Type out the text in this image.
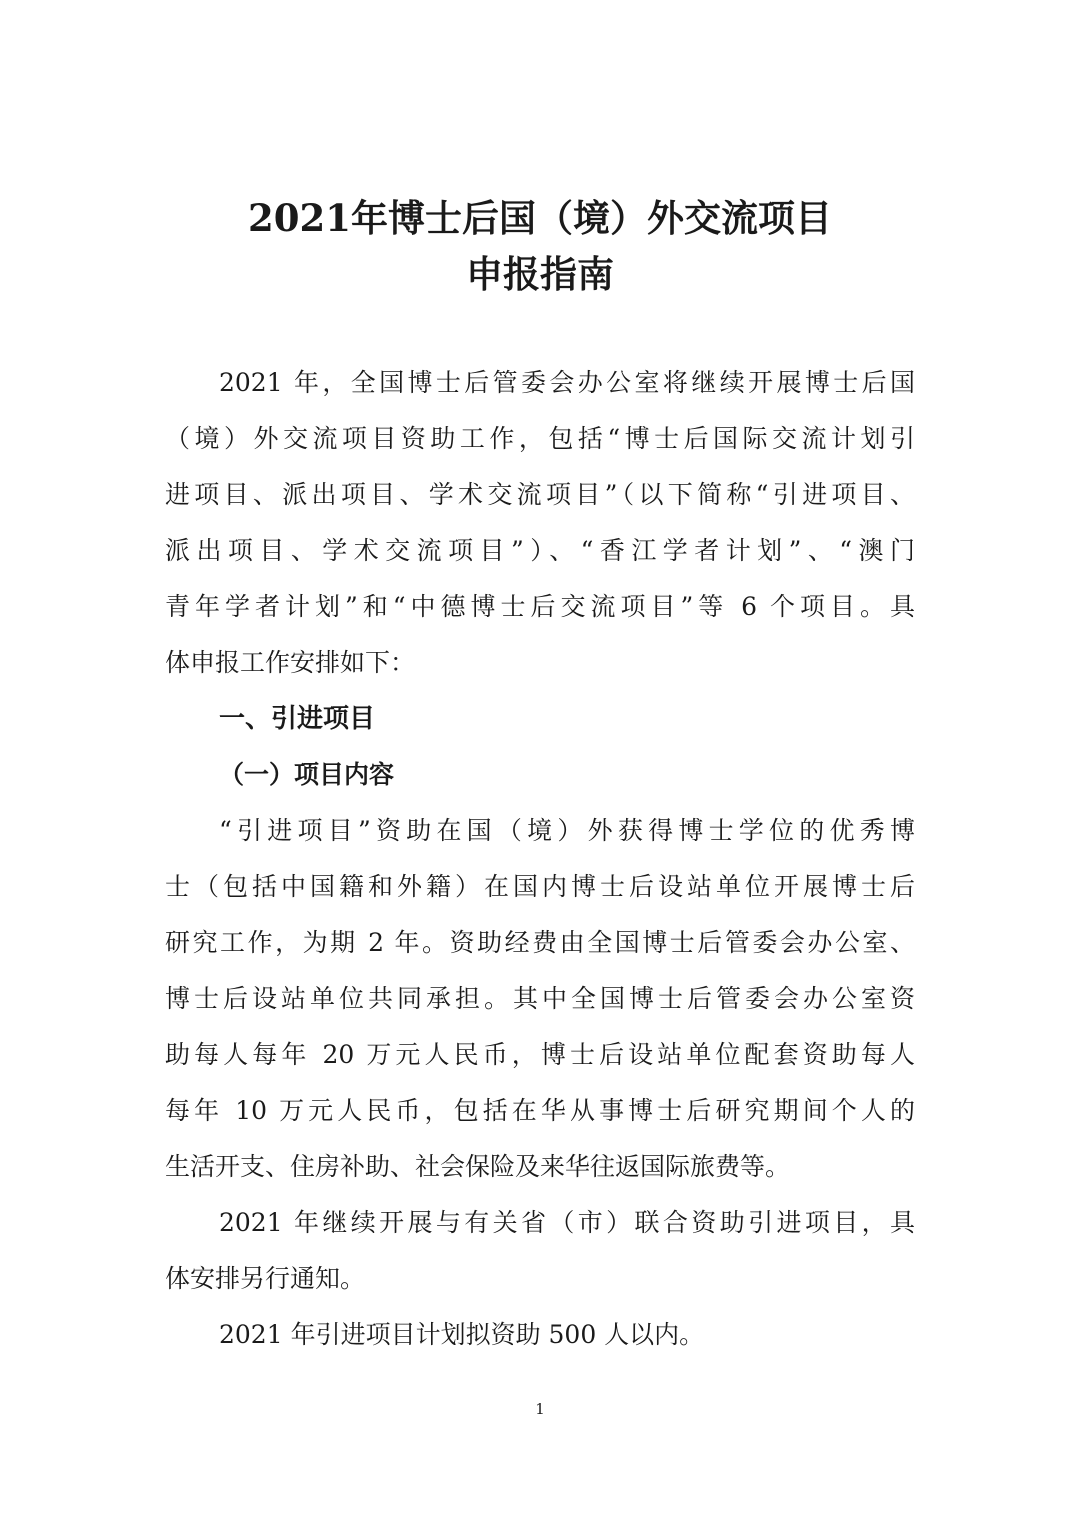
2021年博士后国（境）外交流项目
申报指南
2021 年，全国博士后管委会办公室将继续开展博士后国
（境）外交流项目资助工作，包括“博士后国际交流计划引
进项目、派出项目、学术交流项目”（以下简称“引进项目、
派出项目、学术交流项目”）、“香江学者计划”、“澳门
青年学者计划”和“中德博士后交流项目”等 6 个项目。具
体申报工作安排如下：
一、引进项目
（一）项目内容
“引进项目”资助在国（境）外获得博士学位的优秀博
士（包括中国籍和外籍）在国内博士后设站单位开展博士后
研究工作，为期 2 年。资助经费由全国博士后管委会办公室、
博士后设站单位共同承担。其中全国博士后管委会办公室资
助每人每年 20 万元人民币，博士后设站单位配套资助每人
每年 10 万元人民币，包括在华从事博士后研究期间个人的
生活开支、住房补助、社会保险及来华往返国际旅费等。
2021 年继续开展与有关省（市）联合资助引进项目，具
体安排另行通知。
2021 年引进项目计划拟资助 500 人以内。
1
